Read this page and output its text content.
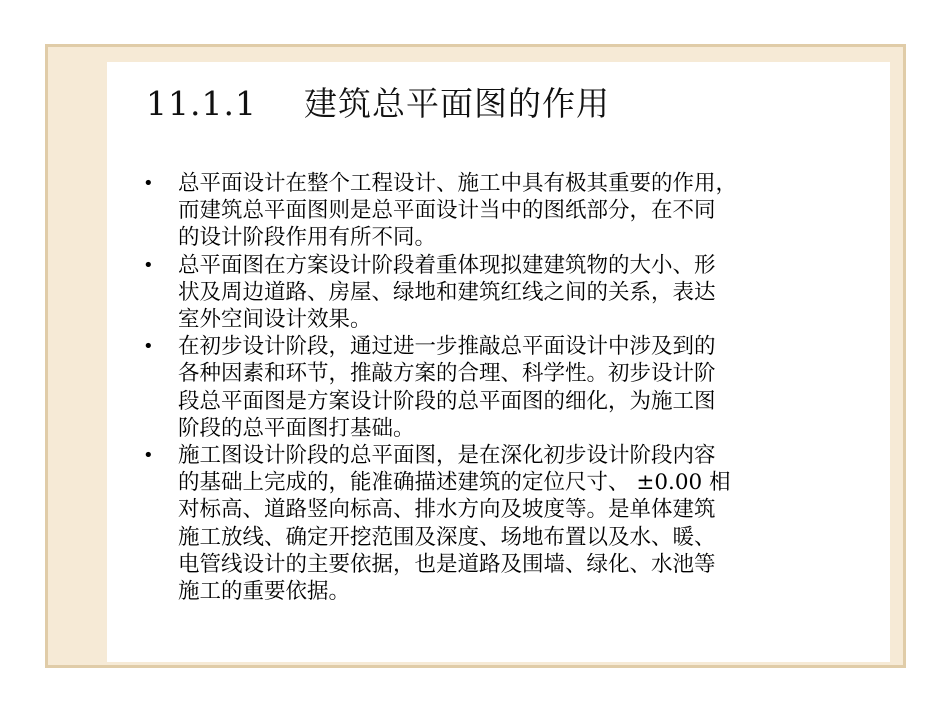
11.1.1 建筑总平面图的作用
• 总平面设计在整个工程设计、施工中具有极其重要的作用，
而建筑总平面图则是总平面设计当中的图纸部分，在不同
的设计阶段作用有所不同。
• 总平面图在方案设计阶段着重体现拟建建筑物的大小、形
状及周边道路、房屋、绿地和建筑红线之间的关系，表达
室外空间设计效果。
• 在初步设计阶段，通过进一步推敲总平面设计中涉及到的
各种因素和环节，推敲方案的合理、科学性。初步设计阶
段总平面图是方案设计阶段的总平面图的细化，为施工图
阶段的总平面图打基础。
• 施工图设计阶段的总平面图，是在深化初步设计阶段内容
的基础上完成的，能准确描述建筑的定位尺寸、 ±0.00 相
对标高、道路竖向标高、排水方向及坡度等。是单体建筑
施工放线、确定开挖范围及深度、场地布置以及水、暖、
电管线设计的主要依据，也是道路及围墙、绿化、水池等
施工的重要依据。
